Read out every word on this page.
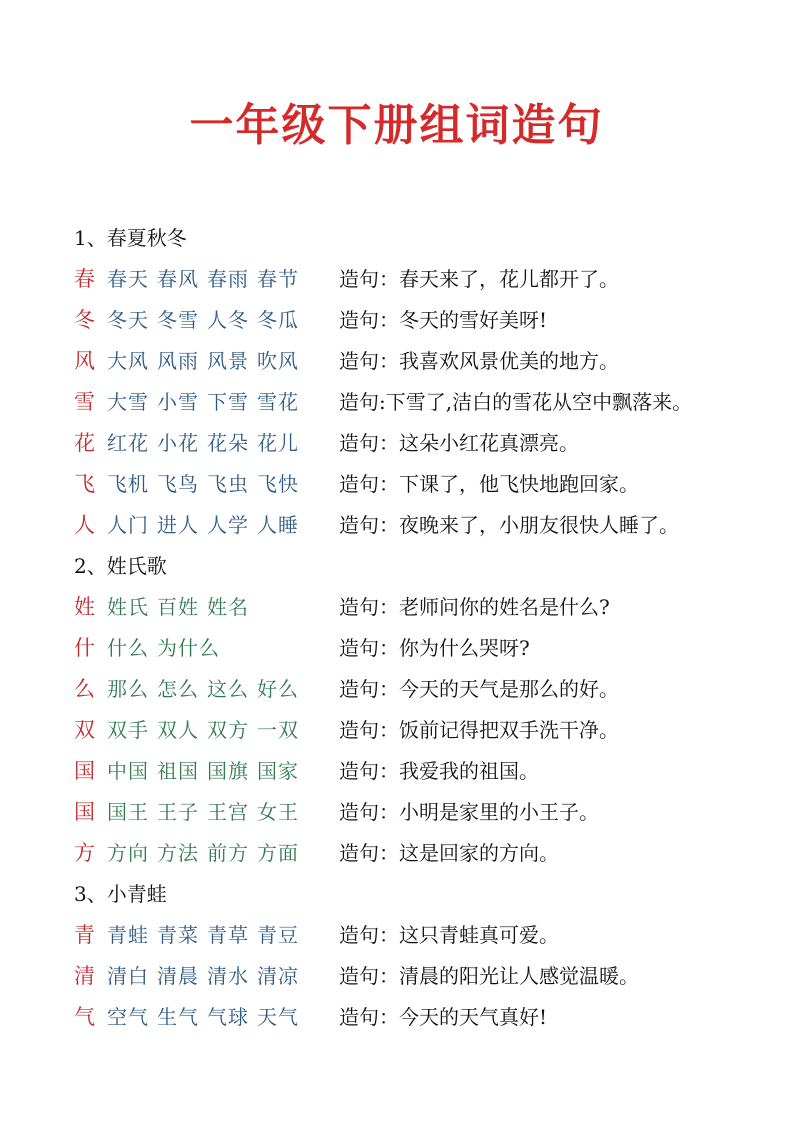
一年级下册组词造句
1、春夏秋冬
春 春天 春风 春雨 春节	造句：春天来了，花儿都开了。
冬 冬天 冬雪 人冬 冬瓜	造句：冬天的雪好美呀!
风 大风 风雨 风景 吹风	造句：我喜欢风景优美的地方。
雪 大雪 小雪 下雪 雪花	造句:下雪了,洁白的雪花从空中飘落来。
花 红花 小花 花朵 花儿	造句：这朵小红花真漂亮。
飞 飞机 飞鸟 飞虫 飞快	造句：下课了，他飞快地跑回家。
人 人门 进人 人学 人睡	造句：夜晚来了，小朋友很快人睡了。
2、姓氏歌
姓 姓氏 百姓 姓名	造句：老师问你的姓名是什么?
什 什么 为什么	造句：你为什么哭呀?
么 那么 怎么 这么 好么	造句：今天的天气是那么的好。
双 双手 双人 双方 一双	造句：饭前记得把双手洗干净。
国 中国 祖国 国旗 国家	造句：我爱我的祖国。
国 国王 王子 王宫 女王	造句：小明是家里的小王子。
方 方向 方法 前方 方面	造句：这是回家的方向。
3、小青蛙
青 青蛙 青菜 青草 青豆	造句：这只青蛙真可爱。
清 清白 清晨 清水 清凉	造句：清晨的阳光让人感觉温暖。
气 空气 生气 气球 天气	造句：今天的天气真好!
